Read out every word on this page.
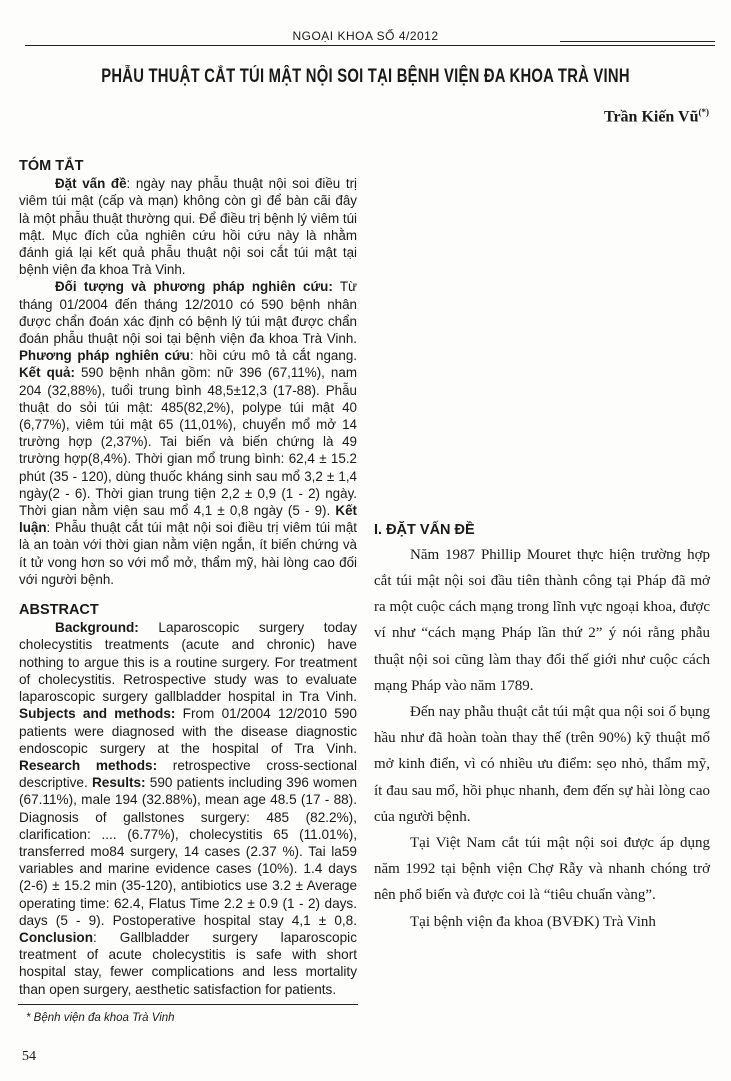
NGOẠI KHOA SỐ 4/2012
PHẪU THUẬT CẮT TÚI MẬT NỘI SOI TẠI BỆNH VIỆN ĐA KHOA TRÀ VINH
Trần Kiến Vũ(*)

TÓM TẮT

Đặt vấn đề: ngày nay phẫu thuật nội soi điều trị viêm túi mật (cấp và mạn) không còn gì để bàn cãi đây là một phẫu thuật thường qui. Để điều trị bệnh lý viêm túi mật. Mục đích của nghiên cứu hồi cứu này là nhằm đánh giá lại kết quả phẫu thuật nội soi cắt túi mật tại bệnh viện đa khoa Trà Vinh.

Đối tượng và phương pháp nghiên cứu: Từ tháng 01/2004 đến tháng 12/2010 có 590 bệnh nhân được chẩn đoán xác định có bệnh lý túi mật được chẩn đoán phẫu thuật nội soi tại bệnh viện đa khoa Trà Vinh. Phương pháp nghiên cứu: hồi cứu mô tả cắt ngang. Kết quả: 590 bệnh nhân gồm: nữ 396 (67,11%), nam 204 (32,88%), tuổi trung bình 48,5±12,3 (17-88). Phẫu thuật do sỏi túi mật: 485(82,2%), polype túi mật 40 (6,77%), viêm túi mật 65 (11,01%), chuyển mổ mở 14 trường hợp (2,37%). Tai biến và biến chứng là 49 trường hợp(8,4%). Thời gian mổ trung bình: 62,4 ± 15.2 phút (35 - 120), dùng thuốc kháng sinh sau mổ 3,2 ± 1,4 ngày(2 - 6). Thời gian trung tiện 2,2 ± 0,9 (1 - 2) ngày. Thời gian nằm viện sau mổ 4,1 ± 0,8 ngày (5 - 9). Kết luận: Phẫu thuật cắt túi mật nội soi điều trị viêm túi mật là an toàn với thời gian nằm viện ngắn, ít biến chứng và ít tử vong hơn so với mổ mở, thẩm mỹ, hài lòng cao đối với người bệnh.

ABSTRACT

Background: Laparoscopic surgery today cholecystitis treatments (acute and chronic) have nothing to argue this is a routine surgery. For treatment of cholecystitis. Retrospective study was to evaluate laparoscopic surgery gallbladder hospital in Tra Vinh. Subjects and methods: From 01/2004 12/2010 590 patients were diagnosed with the disease diagnostic endoscopic surgery at the hospital of Tra Vinh. Research methods: retrospective cross-sectional descriptive. Results: 590 patients including 396 women (67.11%), male 194 (32.88%), mean age 48.5 (17 - 88). Diagnosis of gallstones surgery: 485 (82.2%), clarification: .... (6.77%), cholecystitis 65 (11.01%), transferred mo84 surgery, 14 cases (2.37 %). Tai la59 variables and marine evidence cases (10%). 1.4 days (2-6) ± 15.2 min (35-120), antibiotics use 3.2 ± Average operating time: 62.4, Flatus Time 2.2 ± 0.9 (1 - 2) days. days (5 - 9). Postoperative hospital stay 4,1 ± 0,8. Conclusion: Gallbladder surgery laparoscopic treatment of acute cholecystitis is safe with short hospital stay, fewer complications and less mortality than open surgery, aesthetic satisfaction for patients.

I. ĐẶT VẤN ĐỀ

Năm 1987 Phillip Mouret thực hiện trường hợp cắt túi mật nội soi đầu tiên thành công tại Pháp đã mở ra một cuộc cách mạng trong lĩnh vực ngoại khoa, được ví như “cách mạng Pháp lần thứ 2” ý nói rằng phẫu thuật nội soi cũng làm thay đổi thế giới như cuộc cách mạng Pháp vào năm 1789.

Đến nay phẫu thuật cắt túi mật qua nội soi ổ bụng hầu như đã hoàn toàn thay thế (trên 90%) kỹ thuật mổ mở kinh điển, vì có nhiều ưu điểm: sẹo nhỏ, thẩm mỹ, ít đau sau mổ, hồi phục nhanh, đem đến sự hài lòng cao của người bệnh.

Tại Việt Nam cắt túi mật nội soi được áp dụng năm 1992 tại bệnh viện Chợ Rẫy và nhanh chóng trở nên phổ biến và được coi là “tiêu chuẩn vàng”.

Tại bệnh viện đa khoa (BVĐK) Trà Vinh

* Bệnh viện đa khoa Trà Vinh
54
